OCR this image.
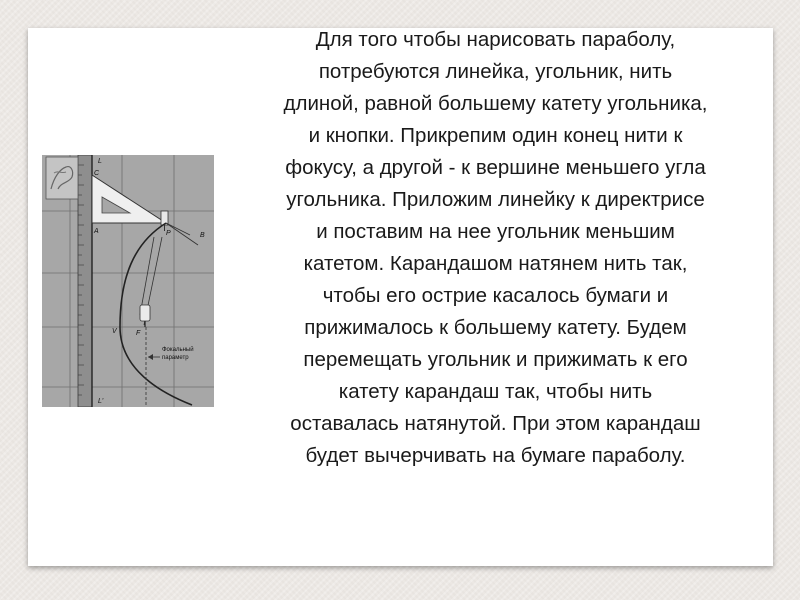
L
C
A
B
P
V	F
L'
Фокальный
параметр
Для того чтобы нарисовать параболу,
потребуются линейка, угольник, нить
длиной, равной большему катету угольника,
и кнопки. Прикрепим один конец нити к
фокусу, а другой - к вершине меньшего угла
угольника. Приложим линейку к директрисе
и поставим на нее угольник меньшим
катетом. Карандашом натянем нить так,
чтобы его острие касалось бумаги и
прижималось к большему катету. Будем
перемещать угольник и прижимать к его
катету карандаш так, чтобы нить
оставалась натянутой. При этом карандаш
будет вычерчивать на бумаге параболу.
